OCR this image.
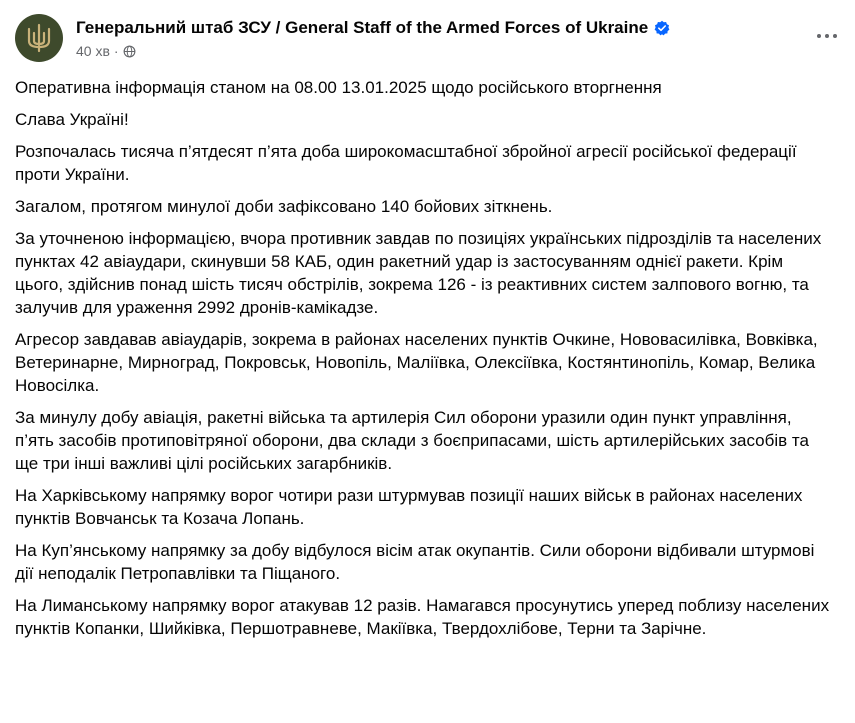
Генеральний штаб ЗСУ / General Staff of the Armed Forces of Ukraine
40 хв ·

Оперативна інформація станом на 08.00 13.01.2025 щодо російського вторгнення

Слава Україні!

Розпочалась тисяча п’ятдесят п’ята доба широкомасштабної збройної агресії російської федерації проти України.

Загалом, протягом минулої доби зафіксовано 140 бойових зіткнень.

За уточненою інформацією, вчора противник завдав по позиціях українських підрозділів та населених пунктах 42 авіаудари, скинувши 58 КАБ, один ракетний удар із застосуванням однієї ракети. Крім цього, здійснив понад шість тисяч обстрілів, зокрема 126 - із реактивних систем залпового вогню, та залучив для ураження 2992 дронів-камікадзе.

Агресор завдавав авіаударів, зокрема в районах населених пунктів Очкине, Нововасилівка, Вовківка, Ветеринарне, Мирноград, Покровськ, Новопіль, Маліївка, Олексіївка, Костянтинопіль, Комар, Велика Новосілка.

За минулу добу авіація, ракетні війська та артилерія Сил оборони уразили один пункт управління, п’ять засобів протиповітряної оборони, два склади з боєприпасами, шість артилерійських засобів та ще три інші важливі цілі російських загарбників.

На Харківському напрямку ворог чотири рази штурмував позиції наших військ в районах населених пунктів Вовчанськ та Козача Лопань.

На Куп’янському напрямку за добу відбулося вісім атак окупантів. Сили оборони відбивали штурмові дії неподалік Петропавлівки та Піщаного.

На Лиманському напрямку ворог атакував 12 разів. Намагався просунутись уперед поблизу населених пунктів Копанки, Шийківка, Першотравневе, Макіївка, Твердохлібове, Терни та Зарічне.
